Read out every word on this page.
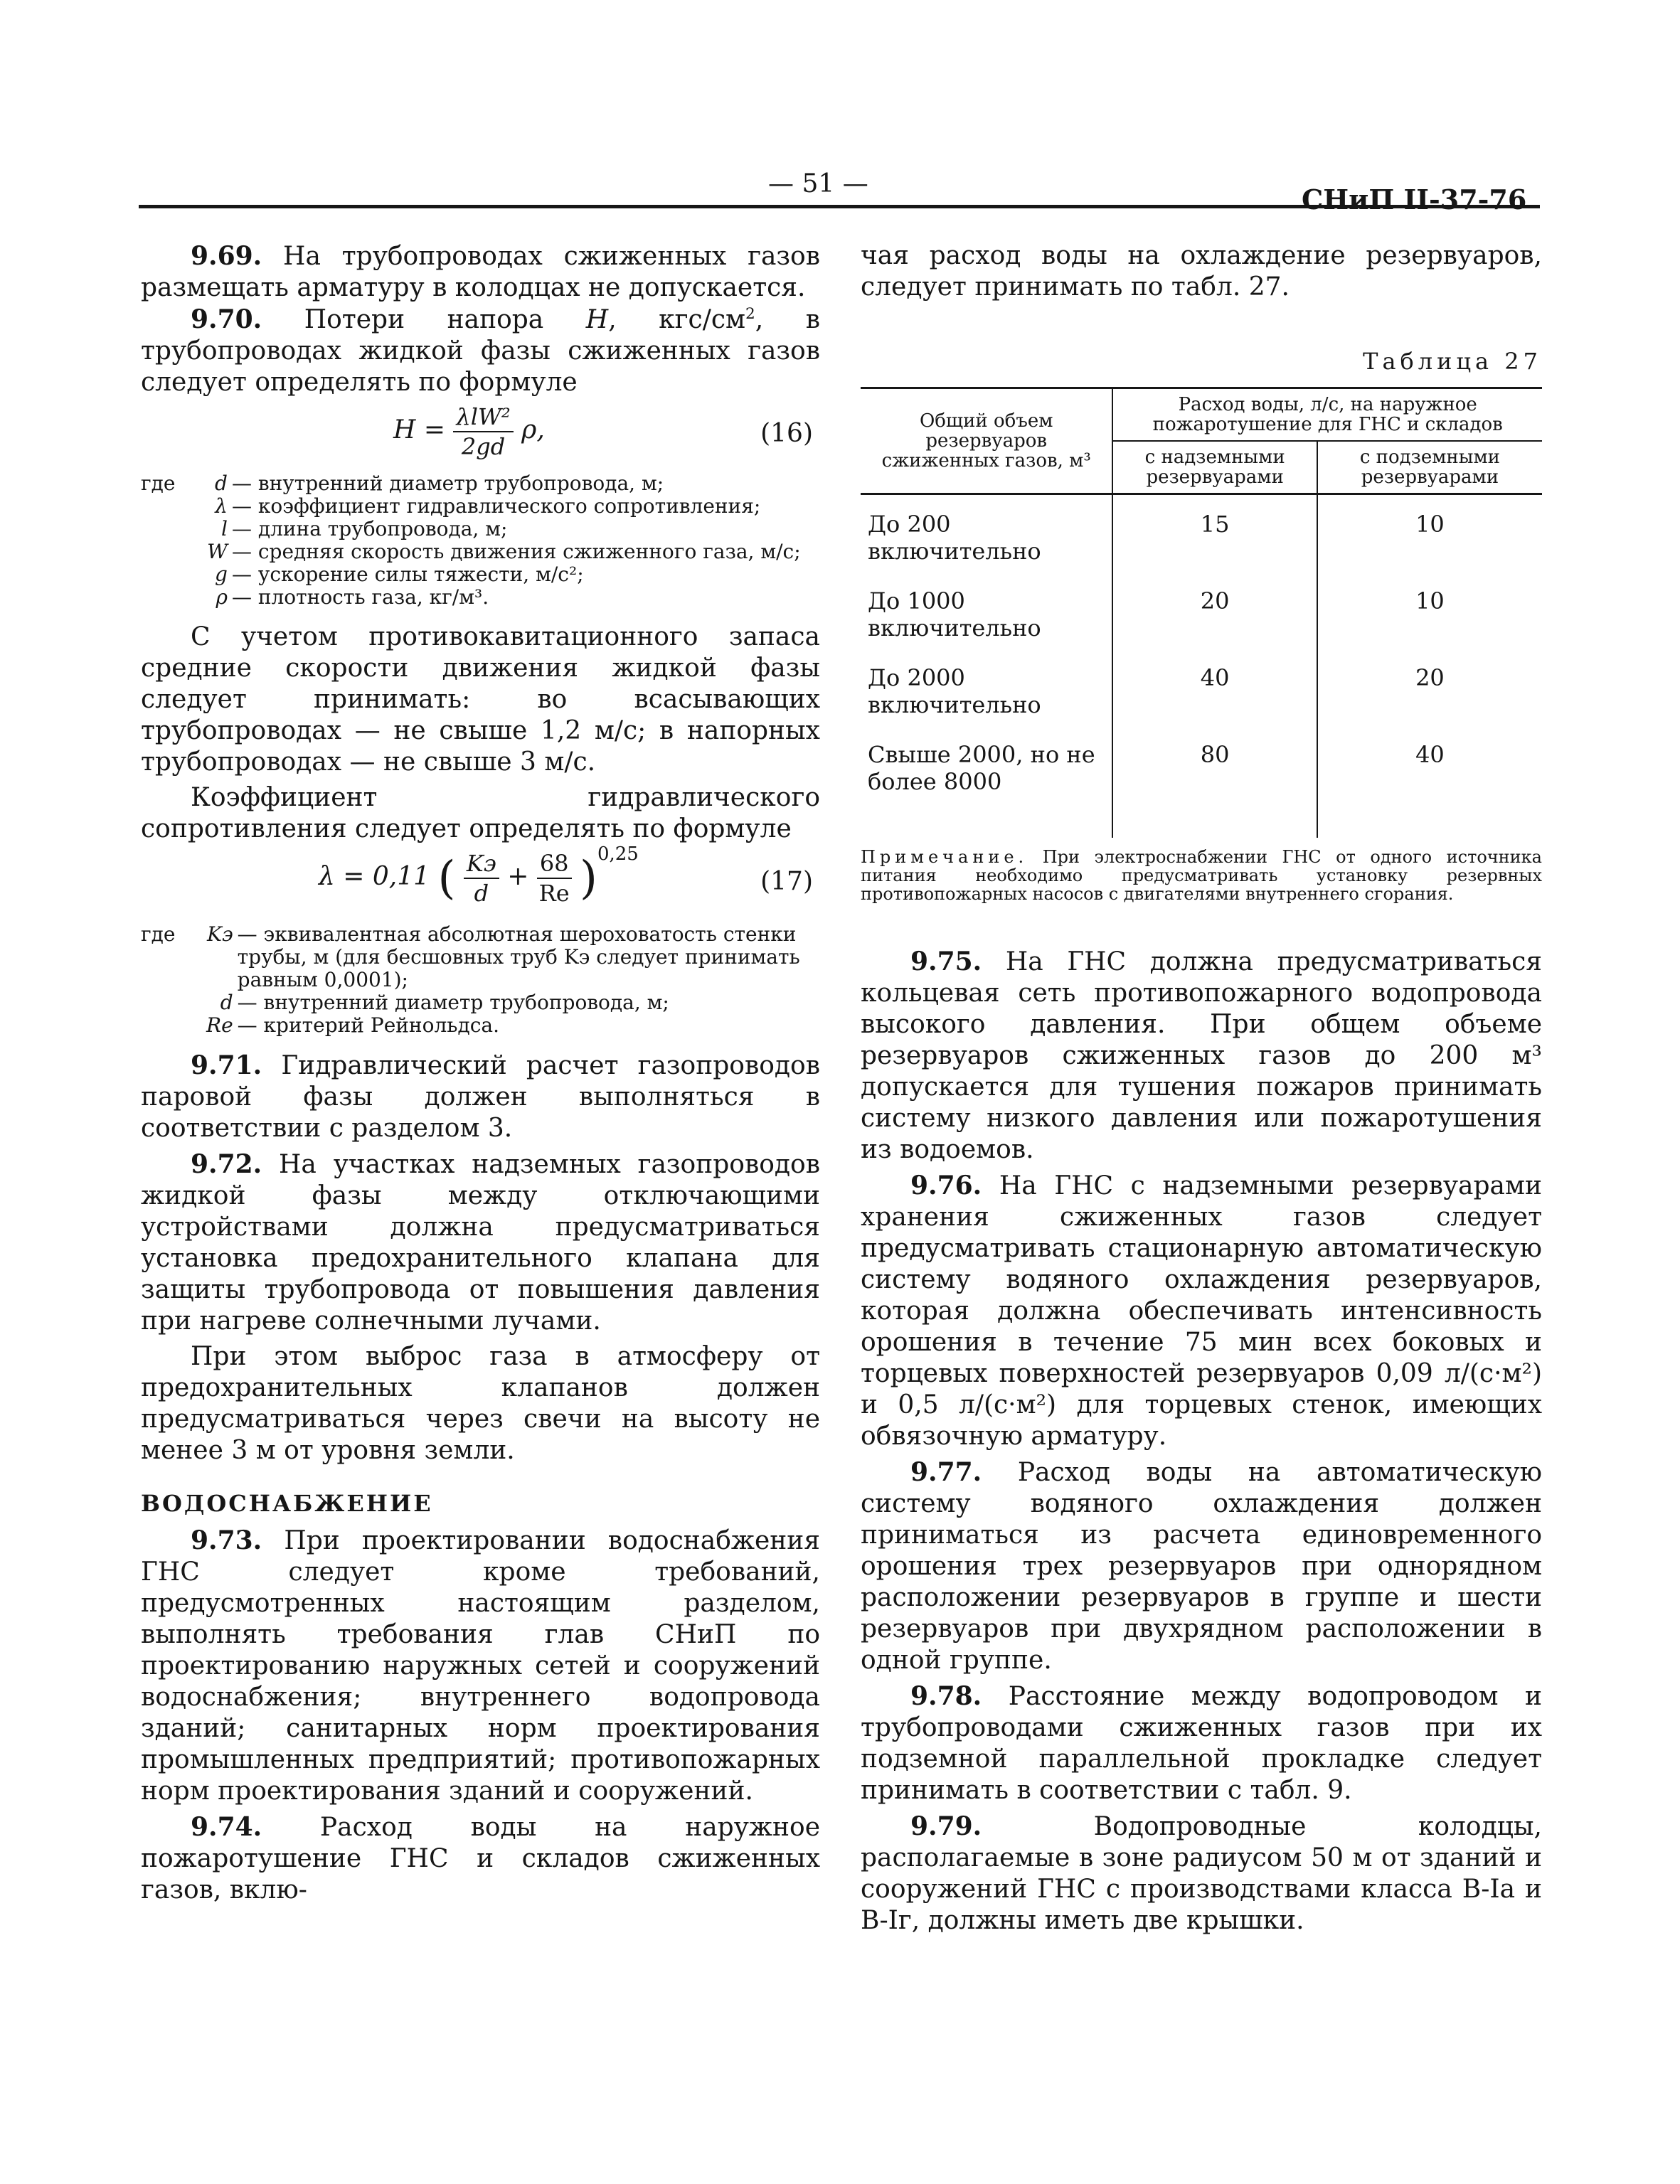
— 51 —	СНиП II-37-76

9.69. На трубопроводах сжиженных газов размещать арматуру в колодцах не допускается.

9.70. Потери напора H, кгс/$см^2$, в трубопроводах жидкой фазы сжиженных газов следует определять по формуле

$H = \frac{\text{λlW²}}{2gd} \rho$,	(16)
где	d	— внутренний диаметр трубопровода, м;
	λ	— коэффициент гидравлического сопротивления;
	l	— длина трубопровода, м;
	W	— средняя скорость движения сжиженного газа, м/с;
	g	— ускорение силы тяжести, м/с²;
	ρ	— плотность газа, кг/м³.

С учетом противокавитационного запаса средние скорости движения жидкой фазы следует принимать: во всасывающих трубопроводах — не свыше 1,2 м/с; в напорных трубопроводах — не свыше 3 м/с.

Коэффициент гидравлического сопротивления следует определять по формуле

λ = 0,11 ( $\frac{Kэ}{d} + \frac{68}{Re} )^{0,25}$
(17)
где	Kэ	— эквивалентная абсолютная шероховатость стенки трубы, м (для бесшовных труб Kэ следует принимать равным 0,0001);
	d	— внутренний диаметр трубопровода, м;
	Re	— критерий Рейнольдса.

9.71. Гидравлический расчет газопроводов паровой фазы должен выполняться в соответствии с разделом 3.

9.72. На участках надземных газопроводов жидкой фазы между отключающими устройствами должна предусматриваться установка предохранительного клапана для защиты трубопровода от повышения давления при нагреве солнечными лучами.

При этом выброс газа в атмосферу от предохранительных клапанов должен предусматриваться через свечи на высоту не менее 3 м от уровня земли.

ВОДОСНАБЖЕНИЕ

9.73. При проектировании водоснабжения ГНС следует кроме требований, предусмотренных настоящим разделом, выполнять требования глав СНиП по проектированию наружных сетей и сооружений водоснабжения; внутреннего водопровода зданий; санитарных норм проектирования промышленных предприятий; противопожарных норм проектирования зданий и сооружений.

9.74. Расход воды на наружное пожаротушение ГНС и складов сжиженных газов, вклю-

чая расход воды на охлаждение резервуаров, следует принимать по табл. 27.

Таблица 27
Общий объем резервуаров сжиженных газов, м³	Расход воды, л/с, на наружное пожаротушение для ГНС и складов	
	с надземными резервуарами	с подземными резервуарами
До 200 включительно	15	10
До 1000 включительно	20	10
До 2000 включительно	40	20
Свыше 2000, но не более 8000	80	40
Примечание. При электроснабжении ГНС от одного источника питания необходимо предусматривать установку резервных противопожарных насосов с двигателями внутреннего сгорания.

9.75. На ГНС должна предусматриваться кольцевая сеть противопожарного водопровода высокого давления. При общем объеме резервуаров сжиженных газов до 200 м³ допускается для тушения пожаров принимать систему низкого давления или пожаротушения из водоемов.

9.76. На ГНС с надземными резервуарами хранения сжиженных газов следует предусматривать стационарную автоматическую систему водяного охлаждения резервуаров, которая должна обеспечивать интенсивность орошения в течение 75 мин всех боковых и торцевых поверхностей резервуаров 0,09 л/(с·м²) и 0,5 л/(с·м²) для торцевых стенок, имеющих обвязочную арматуру.

9.77. Расход воды на автоматическую систему водяного охлаждения должен приниматься из расчета единовременного орошения трех резервуаров при однорядном расположении резервуаров в группе и шести резервуаров при двухрядном расположении в одной группе.

9.78. Расстояние между водопроводом и трубопроводами сжиженных газов при их подземной параллельной прокладке следует принимать в соответствии с табл. 9.

9.79.	Водопроводные колодцы, располагаемые в зоне радиусом 50 м от зданий и сооружений ГНС с производствами класса В-Iа и В-Iг, должны иметь две крышки.
